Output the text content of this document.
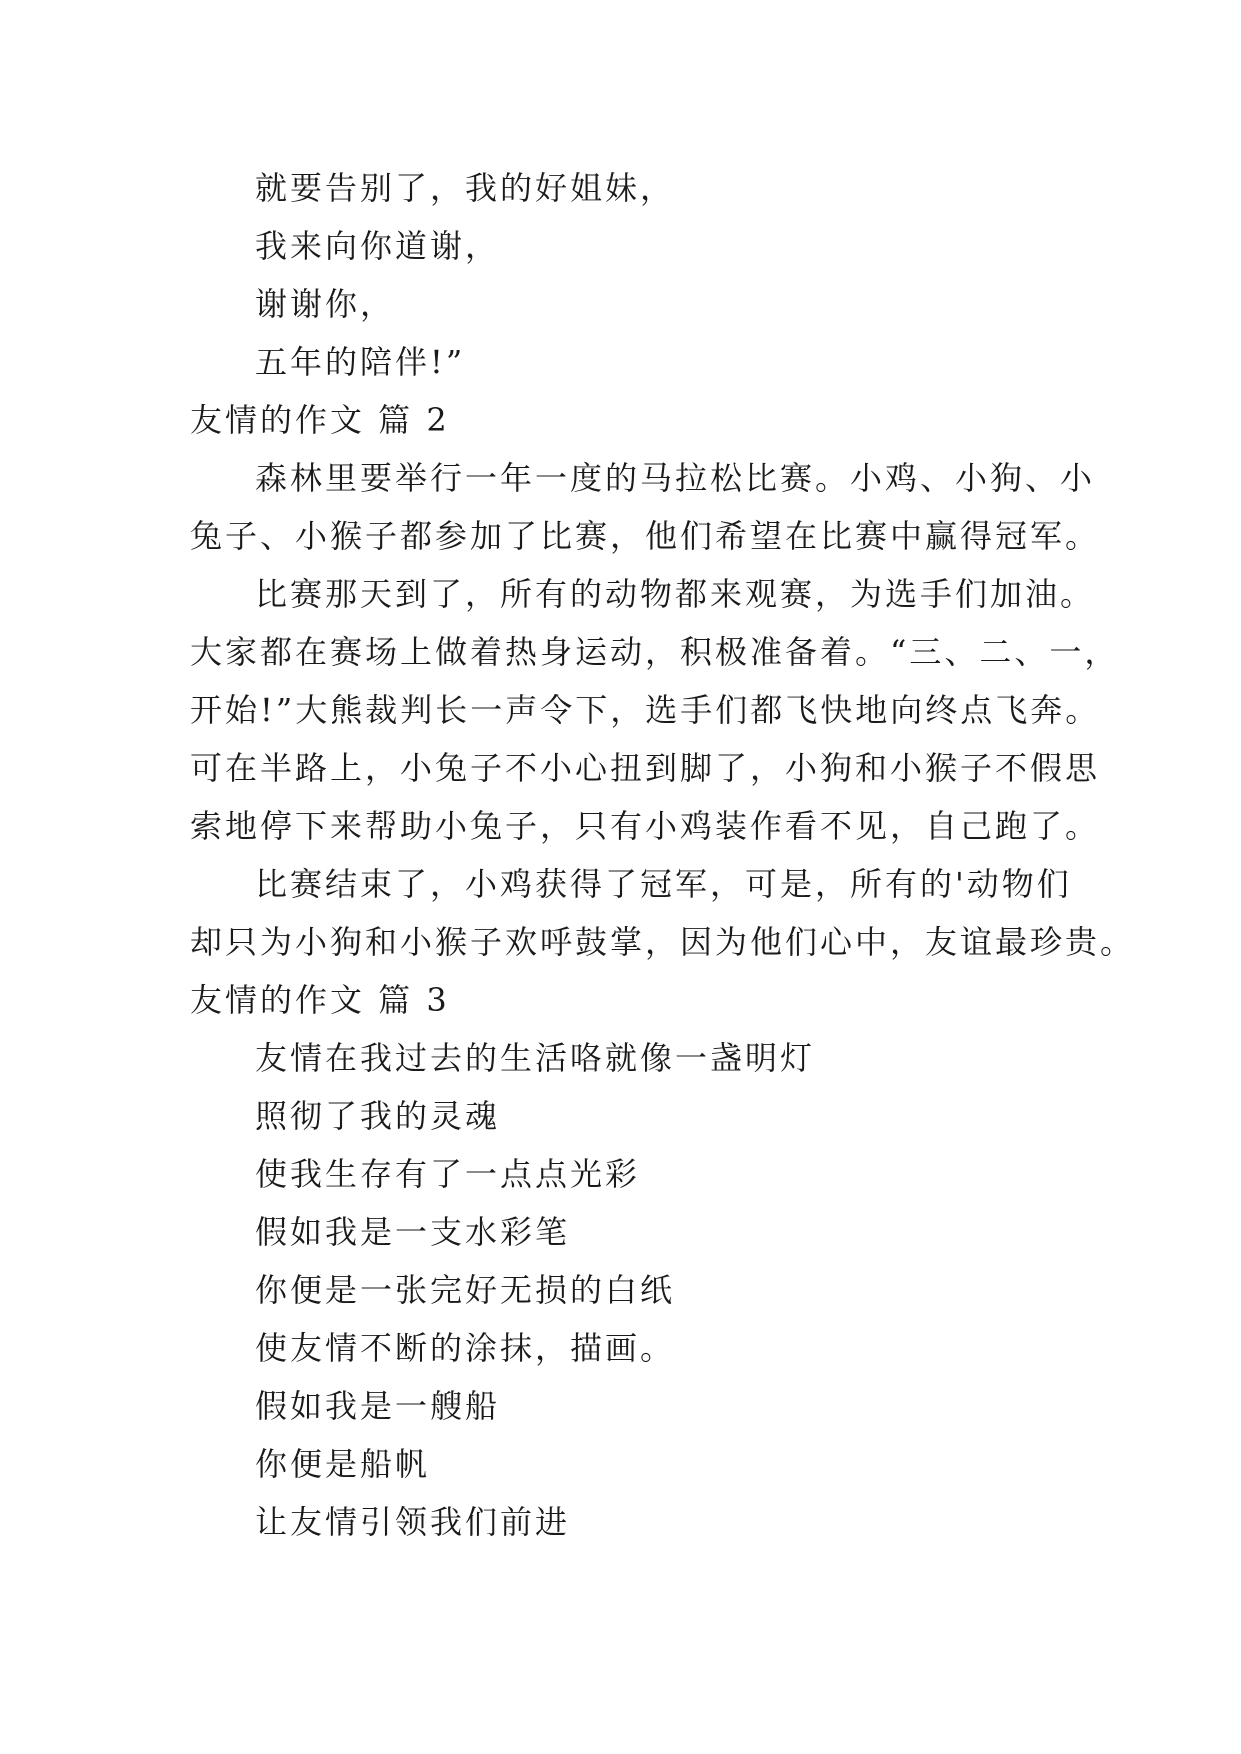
就要告别了，我的好姐妹，
我来向你道谢，
谢谢你，
五年的陪伴!”
友情的作文 篇 2
森林里要举行一年一度的马拉松比赛。小鸡、小狗、小
兔子、小猴子都参加了比赛，他们希望在比赛中赢得冠军。
比赛那天到了，所有的动物都来观赛，为选手们加油。
大家都在赛场上做着热身运动，积极准备着。“三、二、一，
开始!”大熊裁判长一声令下，选手们都飞快地向终点飞奔。
可在半路上，小兔子不小心扭到脚了，小狗和小猴子不假思
索地停下来帮助小兔子，只有小鸡装作看不见，自己跑了。
比赛结束了，小鸡获得了冠军，可是，所有的'动物们
却只为小狗和小猴子欢呼鼓掌，因为他们心中，友谊最珍贵。
友情的作文 篇 3
友情在我过去的生活咯就像一盏明灯
照彻了我的灵魂
使我生存有了一点点光彩
假如我是一支水彩笔
你便是一张完好无损的白纸
使友情不断的涂抹，描画。
假如我是一艘船
你便是船帆
让友情引领我们前进
